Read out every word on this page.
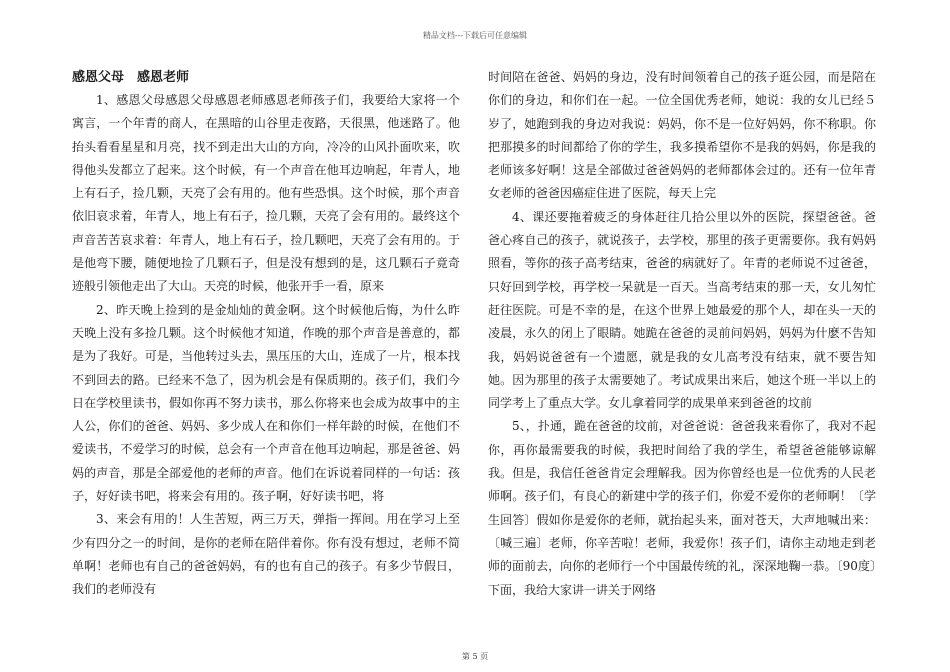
精品文档---下载后可任意编辑

感恩父母　感恩老师

1、感恩父母感恩父母感恩老师感恩老师孩子们，我要给大家将一个寓言，一个年青的商人，在黑暗的山谷里走夜路，天很黑，他迷路了。他抬头看看星星和月亮，找不到走出大山的方向，冷冷的山风扑面吹来，吹得他头发都立了起来。这个时候，有一个声音在他耳边响起，年青人，地上有石子，捡几颗，天亮了会有用的。他有些恐惧。这个时候，那个声音依旧哀求着，年青人，地上有石子，捡几颗，天亮了会有用的。最终这个声音苦苦哀求着：年青人，地上有石子，捡几颗吧，天亮了会有用的。于是他弯下腰，随便地捡了几颗石子，但是没有想到的是，这几颗石子竟奇迹般引领他走出了大山。天亮的时候，他张开手一看，原来

2、昨天晚上捡到的是金灿灿的黄金啊。这个时候他后悔，为什么昨天晚上没有多捡几颗。这个时候他才知道，作晚的那个声音是善意的，都是为了我好。可是，当他转过头去，黑压压的大山，连成了一片，根本找不到回去的路。已经来不急了，因为机会是有保质期的。孩子们，我们今日在学校里读书，假如你再不努力读书，那么你将来也会成为故事中的主人公，你们的爸爸、妈妈、多少成人在和你们一样年龄的时候，在他们不爱读书，不爱学习的时候，总会有一个声音在他耳边响起，那是爸爸、妈妈的声音，那是全部爱他的老师的声音。他们在诉说着同样的一句话：孩子，好好读书吧，将来会有用的。孩子啊，好好读书吧，将

3、来会有用的！人生苦短，两三万天，弹指一挥间。用在学习上至少有四分之一的时间，是你的老师在陪伴着你。你有没有想过，老师不简单啊！老师也有自己的爸爸妈妈，有的也有自己的孩子。有多少节假日，我们的老师没有

时间陪在爸爸、妈妈的身边，没有时间领着自己的孩子逛公园，而是陪在你们的身边，和你们在一起。一位全国优秀老师，她说：我的女儿已经５岁了，她跑到我的身边对我说：妈妈，你不是一位好妈妈，你不称职。你把那摸多的时间都给了你的学生，我多摸希望你不是我的妈妈，你是我的老师该多好啊！这是全部做过爸爸妈妈的老师都体会过的。还有一位年青女老师的爸爸因癌症住进了医院，每天上完

4、课还要拖着疲乏的身体赶往几拾公里以外的医院，探望爸爸。爸爸心疼自己的孩子，就说孩子，去学校，那里的孩子更需要你。我有妈妈照看，等你的孩子高考结束，爸爸的病就好了。年青的老师说不过爸爸，只好回到学校，再学校一呆就是一百天。当高考结束的那一天，女儿匆忙赶往医院。可是不幸的是，在这个世界上她最爱的那个人，却在头一天的凌晨，永久的闭上了眼睛。她跪在爸爸的灵前问妈妈，妈妈为什麽不告知我，妈妈说爸爸有一个遗愿，就是我的女儿高考没有结束，就不要告知她。因为那里的孩子太需要她了。考试成果出来后，她这个班一半以上的同学考上了重点大学。女儿拿着同学的成果单来到爸爸的坟前

5、，扑通，跪在爸爸的坟前，对爸爸说：爸爸我来看你了，我对不起你，再你最需要我的时候，我把时间给了我的学生，希望爸爸能够谅解我。但是，我信任爸爸肯定会理解我。因为你曾经也是一位优秀的人民老师啊。孩子们，有良心的新建中学的孩子们，你爱不爱你的老师啊！〔学生回答〕假如你是爱你的老师，就抬起头来，面对苍天，大声地喊出来：〔喊三遍〕老师，你辛苦啦！老师，我爱你！孩子们，请你主动地走到老师的面前去，向你的老师行一个中国最传统的礼，深深地鞠一恭。〔90度〕下面，我给大家讲一讲关于网络

第 5 页
